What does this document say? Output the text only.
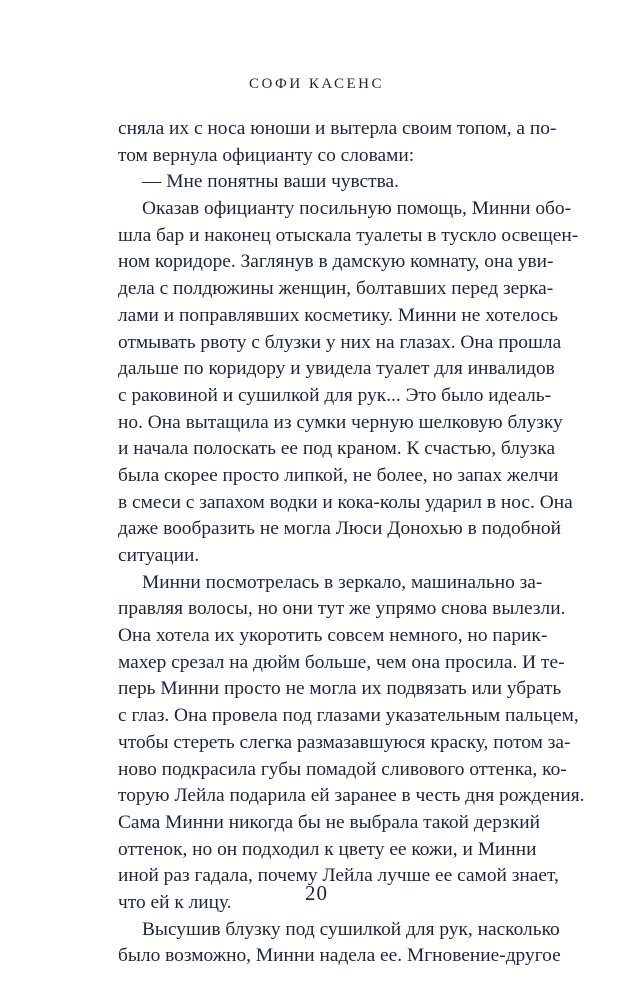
СОФИ КАСЕНС
сняла их с носа юноши и вытерла своим топом, а по-
том вернула официанту со словами:
— Мне понятны ваши чувства.
Оказав официанту посильную помощь, Минни обо-
шла бар и наконец отыскала туалеты в тускло освещен-
ном коридоре. Заглянув в дамскую комнату, она уви-
дела с полдюжины женщин, болтавших перед зерка-
лами и поправлявших косметику. Минни не хотелось
отмывать рвоту с блузки у них на глазах. Она прошла
дальше по коридору и увидела туалет для инвалидов
с раковиной и сушилкой для рук... Это было идеаль-
но. Она вытащила из сумки черную шелковую блузку
и начала полоскать ее под краном. К счастью, блузка
была скорее просто липкой, не более, но запах желчи
в смеси с запахом водки и кока-колы ударил в нос. Она
даже вообразить не могла Люси Донохью в подобной
ситуации.
Минни посмотрелась в зеркало, машинально за-
правляя волосы, но они тут же упрямо снова вылезли.
Она хотела их укоротить совсем немного, но парик-
махер срезал на дюйм больше, чем она просила. И те-
перь Минни просто не могла их подвязать или убрать
с глаз. Она провела под глазами указательным пальцем,
чтобы стереть слегка размазавшуюся краску, потом за-
ново подкрасила губы помадой сливового оттенка, ко-
торую Лейла подарила ей заранее в честь дня рождения.
Сама Минни никогда бы не выбрала такой дерзкий
оттенок, но он подходил к цвету ее кожи, и Минни
иной раз гадала, почему Лейла лучше ее самой знает,
что ей к лицу.
Высушив блузку под сушилкой для рук, насколько
было возможно, Минни надела ее. Мгновение-другое
20
